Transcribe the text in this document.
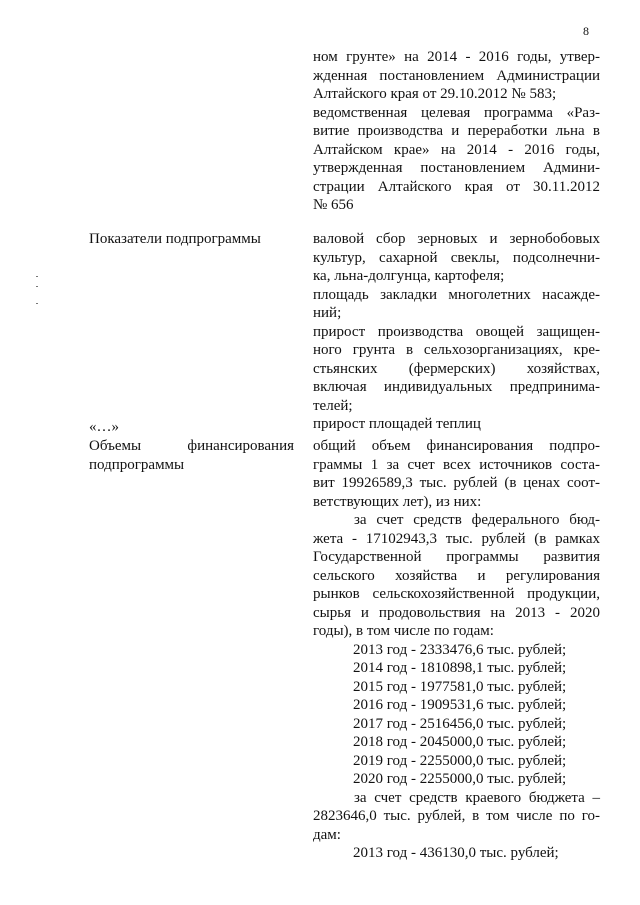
8
ном грунте» на 2014 - 2016 годы, утвер-
жденная постановлением Администрации
Алтайского края от 29.10.2012 № 583;
ведомственная целевая программа «Раз-
витие производства и переработки льна в
Алтайском крае» на 2014 - 2016 годы,
утвержденная постановлением Админи-
страции Алтайского края от 30.11.2012
№ 656
Показатели подпрограммы	валовой сбор зерновых и зернобобовых
культур, сахарной свеклы, подсолнечни-
ка, льна-долгунца, картофеля;
площадь закладки многолетних насажде-
ний;
прирост производства овощей защищен-
ного грунта в сельхозорганизациях, кре-
стьянских (фермерских) хозяйствах,
включая индивидуальных предпринима-
телей;
прирост площадей теплиц
«…»
Объемы	финансирования
подпрограммы
общий объем финансирования подпро-
граммы 1 за счет всех источников соста-
вит 19926589,3 тыс. рублей (в ценах соот-
ветствующих лет), из них:
за счет средств федерального бюд-
жета - 17102943,3 тыс. рублей (в рамках
Государственной программы развития
сельского хозяйства и регулирования
рынков сельскохозяйственной продукции,
сырья и продовольствия на 2013 - 2020
годы), в том числе по годам:
2013 год - 2333476,6 тыс. рублей;
2014 год - 1810898,1 тыс. рублей;
2015 год - 1977581,0 тыс. рублей;
2016 год - 1909531,6 тыс. рублей;
2017 год - 2516456,0 тыс. рублей;
2018 год - 2045000,0 тыс. рублей;
2019 год - 2255000,0 тыс. рублей;
2020 год - 2255000,0 тыс. рублей;
за счет средств краевого бюджета –
2823646,0 тыс. рублей, в том числе по го-
дам:
2013 год - 436130,0 тыс. рублей;
